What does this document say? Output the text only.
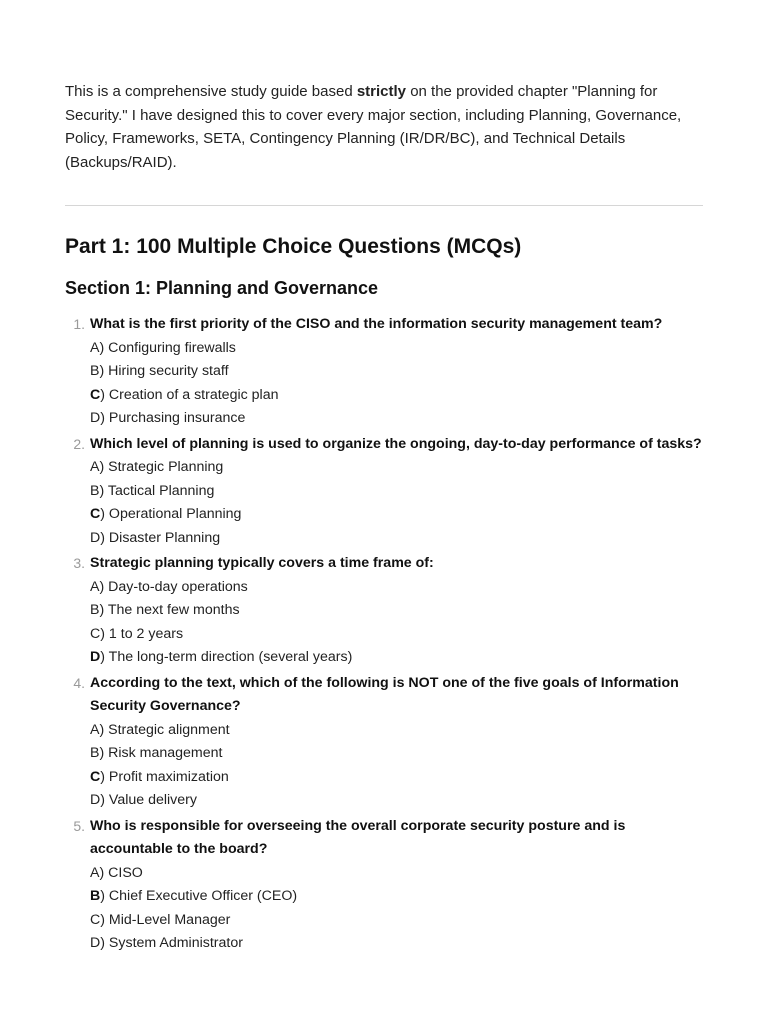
This is a comprehensive study guide based strictly on the provided chapter "Planning for Security." I have designed this to cover every major section, including Planning, Governance, Policy, Frameworks, SETA, Contingency Planning (IR/DR/BC), and Technical Details (Backups/RAID).

Part 1: 100 Multiple Choice Questions (MCQs)
Section 1: Planning and Governance
1. What is the first priority of the CISO and the information security management team?
A) Configuring firewalls
B) Hiring security staff
C) Creation of a strategic plan
D) Purchasing insurance
2. Which level of planning is used to organize the ongoing, day-to-day performance of tasks?
A) Strategic Planning
B) Tactical Planning
C) Operational Planning
D) Disaster Planning
3. Strategic planning typically covers a time frame of:
A) Day-to-day operations
B) The next few months
C) 1 to 2 years
D) The long-term direction (several years)
4. According to the text, which of the following is NOT one of the five goals of Information Security Governance?
A) Strategic alignment
B) Risk management
C) Profit maximization
D) Value delivery
5. Who is responsible for overseeing the overall corporate security posture and is accountable to the board?
A) CISO
B) Chief Executive Officer (CEO)
C) Mid-Level Manager
D) System Administrator
